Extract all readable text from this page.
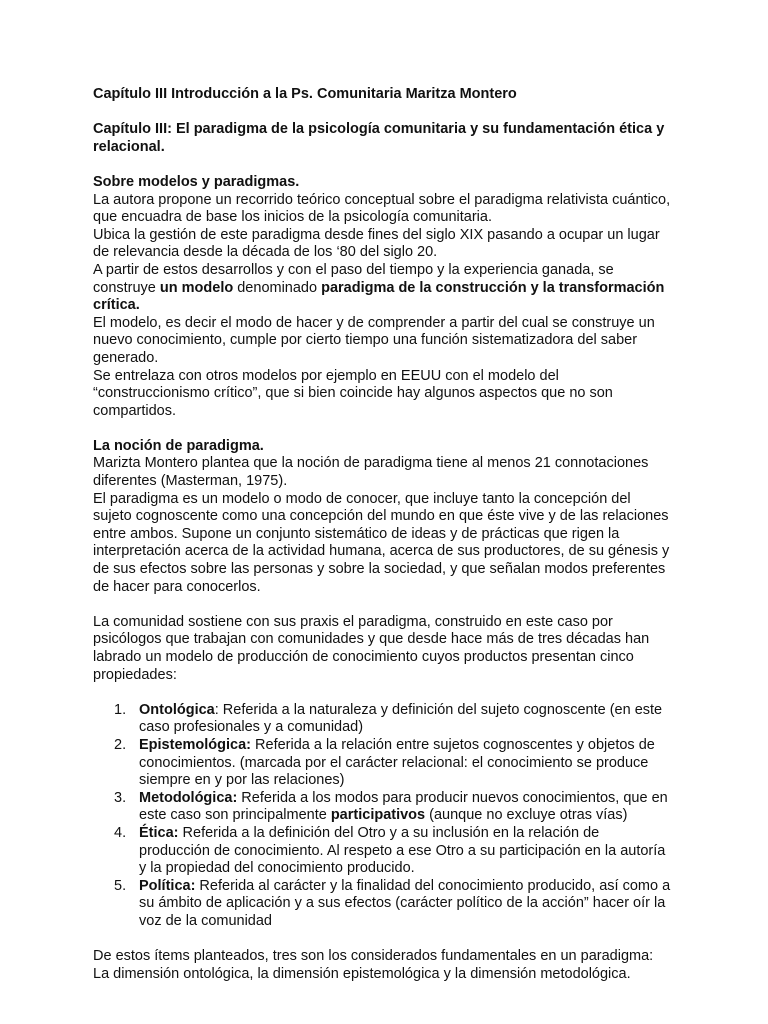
Capítulo III Introducción a la Ps. Comunitaria Maritza Montero

Capítulo III: El paradigma de la psicología comunitaria y su fundamentación ética y relacional.

Sobre modelos y paradigmas.

La autora propone un recorrido teórico conceptual sobre el paradigma relativista cuántico, que encuadra de base los inicios de la psicología comunitaria.

Ubica la gestión de este paradigma desde fines del siglo XIX pasando a ocupar un lugar de relevancia desde la década de los ‘80 del siglo 20.

A partir de estos desarrollos y con el paso del tiempo y la experiencia ganada, se construye un modelo denominado paradigma de la construcción y la transformación crítica.

El modelo, es decir el modo de hacer y de comprender a partir del cual se construye un nuevo conocimiento, cumple por cierto tiempo una función sistematizadora del saber generado.

Se entrelaza con otros modelos por ejemplo en EEUU con el modelo del “construccionismo crítico”, que si bien coincide hay algunos aspectos que no son compartidos.

La noción de paradigma.

Marizta Montero plantea que la noción de paradigma tiene al menos 21 connotaciones diferentes (Masterman, 1975).

El paradigma es un modelo o modo de conocer, que incluye tanto la concepción del sujeto cognoscente como una concepción del mundo en que éste vive y de las relaciones entre ambos. Supone un conjunto sistemático de ideas y de prácticas que rigen la interpretación acerca de la actividad humana, acerca de sus productores, de su génesis y de sus efectos sobre las personas y sobre la sociedad, y que señalan modos preferentes de hacer para conocerlos.

La comunidad sostiene con sus praxis el paradigma, construido en este caso por psicólogos que trabajan con comunidades y que desde hace más de tres décadas han labrado un modelo de producción de conocimiento cuyos productos presentan cinco propiedades:

1. Ontológica: Referida a la naturaleza y definición del sujeto cognoscente (en este caso profesionales y a comunidad)
2. Epistemológica: Referida a la relación entre sujetos cognoscentes y objetos de conocimientos. (marcada por el carácter relacional: el conocimiento se produce siempre en y por las relaciones)
3. Metodológica: Referida a los modos para producir nuevos conocimientos, que en este caso son principalmente participativos (aunque no excluye otras vías)
4. Ética: Referida a la definición del Otro y a su inclusión en la relación de producción de conocimiento. Al respeto a ese Otro a su participación en la autoría y la propiedad del conocimiento producido.
5. Política: Referida al carácter y la finalidad del conocimiento producido, así como a su ámbito de aplicación y a sus efectos (carácter político de la acción” hacer oír la voz de la comunidad

De estos ítems planteados, tres son los considerados fundamentales en un paradigma: La dimensión ontológica, la dimensión epistemológica y la dimensión metodológica.
